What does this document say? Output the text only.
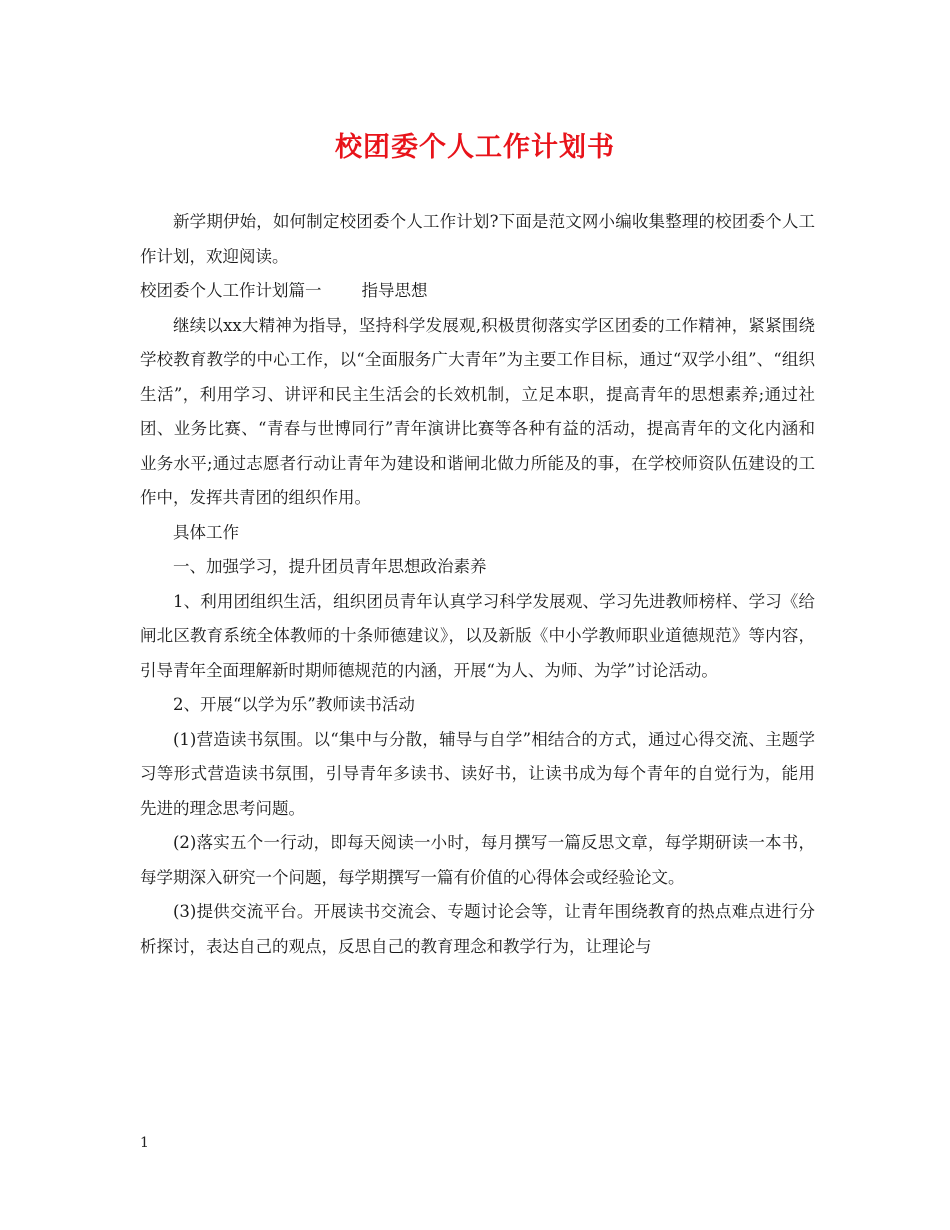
校团委个人工作计划书

新学期伊始，如何制定校团委个人工作计划?下面是范文网小编收集整理的校团委个人工作计划，欢迎阅读。

校团委个人工作计划篇一 指导思想

继续以xx大精神为指导，坚持科学发展观,积极贯彻落实学区团委的工作精神，紧紧围绕学校教育教学的中心工作，以“全面服务广大青年”为主要工作目标，通过“双学小组”、“组织生活”，利用学习、讲评和民主生活会的长效机制，立足本职，提高青年的思想素养;通过社团、业务比赛、“青春与世博同行”青年演讲比赛等各种有益的活动，提高青年的文化内涵和业务水平;通过志愿者行动让青年为建设和谐闸北做力所能及的事，在学校师资队伍建设的工作中，发挥共青团的组织作用。

具体工作

一、加强学习，提升团员青年思想政治素养

1、利用团组织生活，组织团员青年认真学习科学发展观、学习先进教师榜样、学习《给闸北区教育系统全体教师的十条师德建议》，以及新版《中小学教师职业道德规范》等内容，引导青年全面理解新时期师德规范的内涵，开展“为人、为师、为学”讨论活动。

2、开展“以学为乐”教师读书活动

(1)营造读书氛围。以“集中与分散，辅导与自学”相结合的方式，通过心得交流、主题学习等形式营造读书氛围，引导青年多读书、读好书，让读书成为每个青年的自觉行为，能用先进的理念思考问题。

(2)落实五个一行动，即每天阅读一小时，每月撰写一篇反思文章，每学期研读一本书，每学期深入研究一个问题，每学期撰写一篇有价值的心得体会或经验论文。

(3)提供交流平台。开展读书交流会、专题讨论会等，让青年围绕教育的热点难点进行分析探讨，表达自己的观点，反思自己的教育理念和教学行为，让理论与

1
